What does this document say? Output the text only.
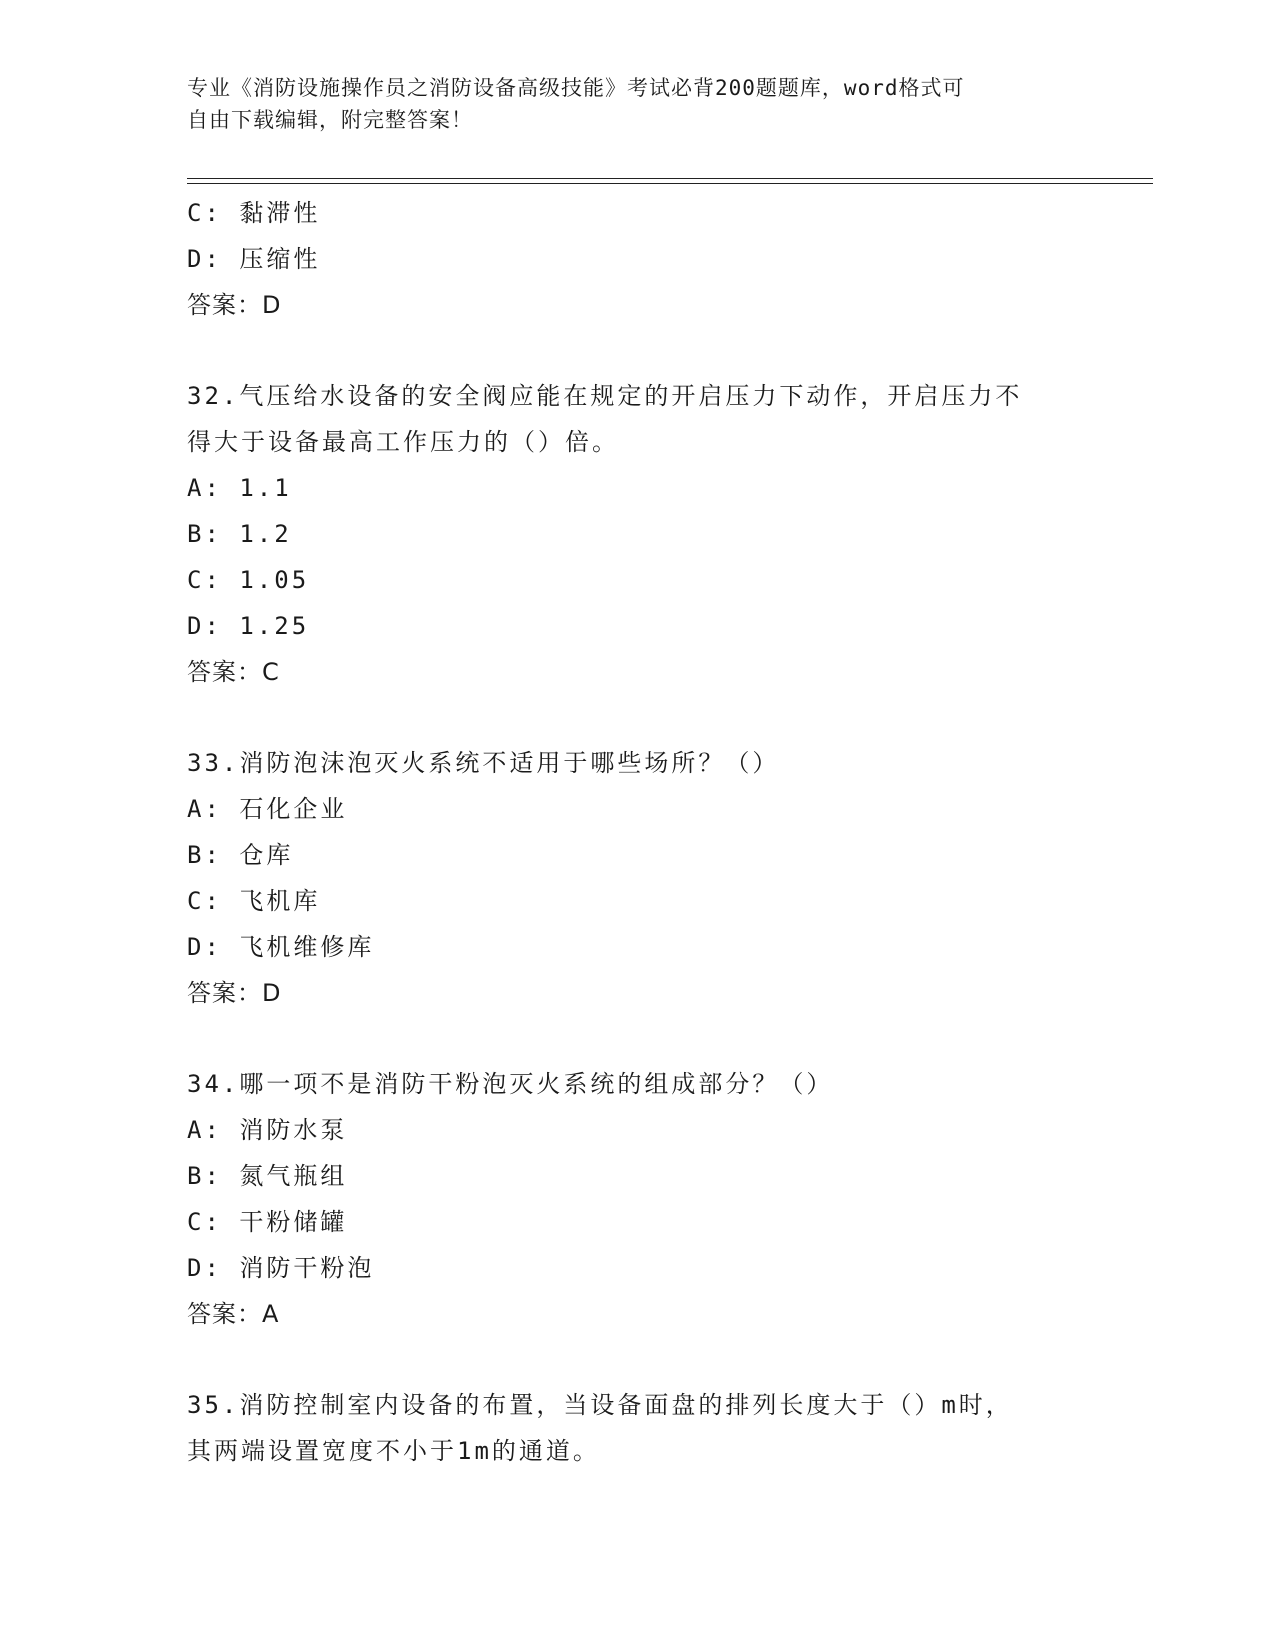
专业《消防设施操作员之消防设备高级技能》考试必背200题题库，word格式可
自由下载编辑，附完整答案！
C: 黏滞性
D: 压缩性
答案：D
32.气压给水设备的安全阀应能在规定的开启压力下动作，开启压力不
得大于设备最高工作压力的（）倍。
A: 1.1
B: 1.2
C: 1.05
D: 1.25
答案：C
33.消防泡沫泡灭火系统不适用于哪些场所？（）
A: 石化企业
B: 仓库
C: 飞机库
D: 飞机维修库
答案：D
34.哪一项不是消防干粉泡灭火系统的组成部分？（）
A: 消防水泵
B: 氮气瓶组
C: 干粉储罐
D: 消防干粉泡
答案：A
35.消防控制室内设备的布置，当设备面盘的排列长度大于（）m时，
其两端设置宽度不小于1m的通道。
